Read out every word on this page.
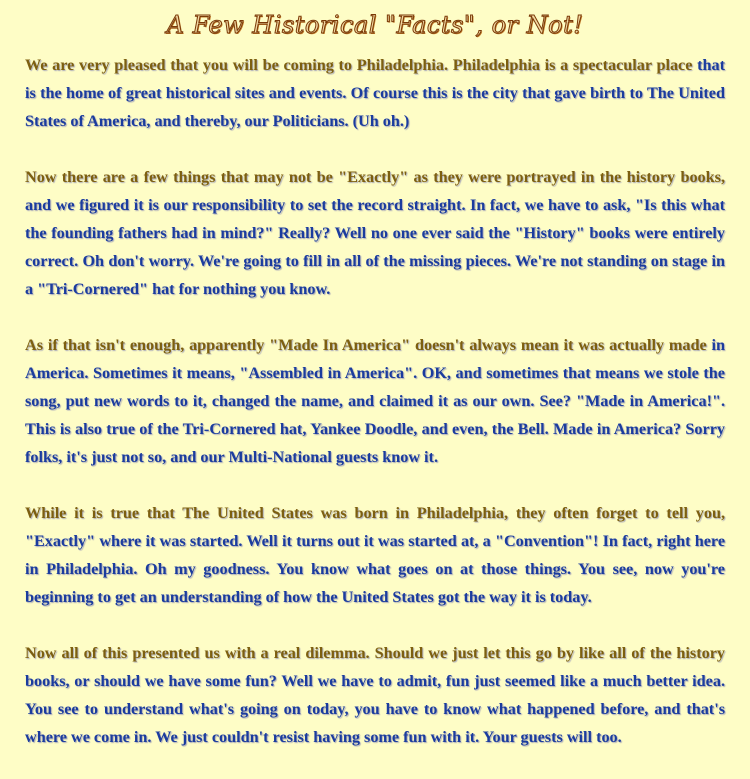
A Few Historical "Facts", or Not!

We are very pleased that you will be coming to Philadelphia. Philadelphia is a spectacular place that is the home of great historical sites and events. Of course this is the city that gave birth to The United States of America, and thereby, our Politicians. (Uh oh.)

Now there are a few things that may not be "Exactly" as they were portrayed in the history books, and we figured it is our responsibility to set the record straight. In fact, we have to ask, "Is this what the founding fathers had in mind?" Really? Well no one ever said the "History" books were entirely correct. Oh don't worry. We're going to fill in all of the missing pieces. We're not standing on stage in a "Tri-Cornered" hat for nothing you know.

As if that isn't enough, apparently "Made In America" doesn't always mean it was actually made in America. Sometimes it means, "Assembled in America". OK, and sometimes that means we stole the song, put new words to it, changed the name, and claimed it as our own. See? "Made in America!". This is also true of the Tri-Cornered hat, Yankee Doodle, and even, the Bell. Made in America? Sorry folks, it's just not so, and our Multi-National guests know it.

While it is true that The United States was born in Philadelphia, they often forget to tell you, "Exactly" where it was started. Well it turns out it was started at, a "Convention"! In fact, right here in Philadelphia. Oh my goodness. You know what goes on at those things. You see, now you're beginning to get an understanding of how the United States got the way it is today.

Now all of this presented us with a real dilemma. Should we just let this go by like all of the history books, or should we have some fun? Well we have to admit, fun just seemed like a much better idea. You see to understand what's going on today, you have to know what happened before, and that's where we come in. We just couldn't resist having some fun with it. Your guests will too.
